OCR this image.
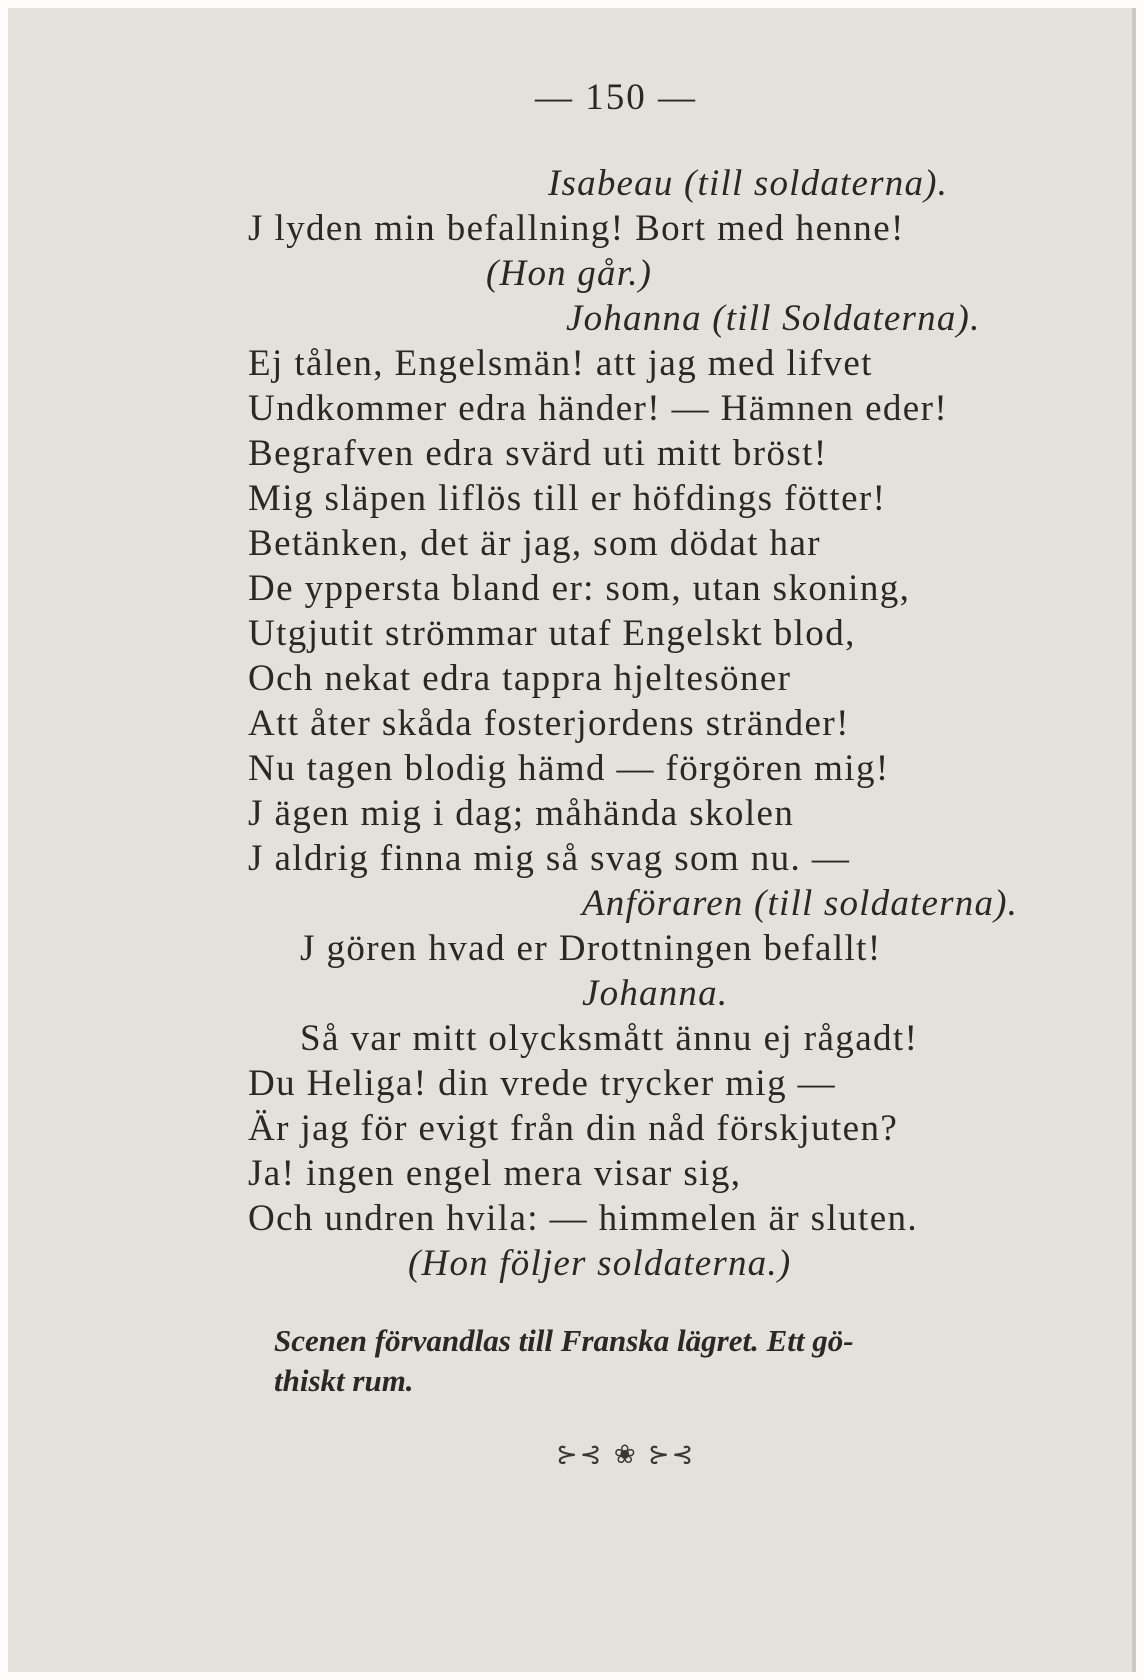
— 150 —
Isabeau (till soldaterna).
J lyden min befallning! Bort med henne!
(Hon går.)
Johanna (till Soldaterna).
Ej tålen, Engelsmän! att jag med lifvet
Undkommer edra händer! — Hämnen eder!
Begrafven edra svärd uti mitt bröst!
Mig släpen liflös till er höfdings fötter!
Betänken, det är jag, som dödat har
De yppersta bland er: som, utan skoning,
Utgjutit strömmar utaf Engelskt blod,
Och nekat edra tappra hjeltesöner
Att åter skåda fosterjordens stränder!
Nu tagen blodig hämd — förgören mig!
J ägen mig i dag; måhända skolen
J aldrig finna mig så svag som nu. —
Anföraren (till soldaterna).
J gören hvad er Drottningen befallt!
Johanna.
Så var mitt olycksmått ännu ej rågadt!
Du Heliga! din vrede trycker mig —
Är jag för evigt från din nåd förskjuten?
Ja! ingen engel mera visar sig,
Och undren hvila: — himmelen är sluten.
(Hon följer soldaterna.)
Scenen förvandlas till Franska lägret. Ett gö-
thiskt rum.
⊱⊰ ❀ ⊱⊰
